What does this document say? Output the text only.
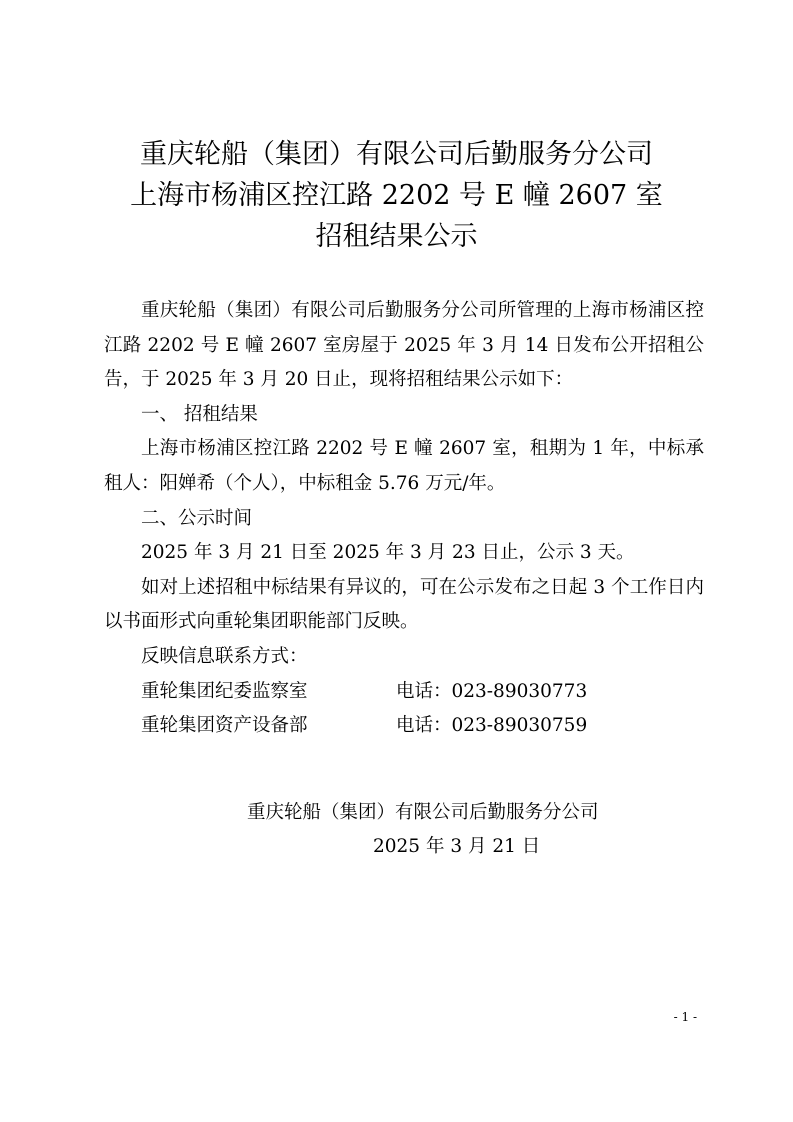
重庆轮船（集团）有限公司后勤服务分公司
上海市杨浦区控江路 2202 号 E 幢 2607 室
招租结果公示

重庆轮船（集团）有限公司后勤服务分公司所管理的上海市杨浦区控江路 2202 号 E 幢 2607 室房屋于 2025 年 3 月 14 日发布公开招租公告，于 2025 年 3 月 20 日止，现将招租结果公示如下：

一、 招租结果

上海市杨浦区控江路 2202 号 E 幢 2607 室，租期为 1 年，中标承租人：阳婵希（个人），中标租金 5.76 万元/年。

二、公示时间

2025 年 3 月 21 日至 2025 年 3 月 23 日止，公示 3 天。

如对上述招租中标结果有异议的，可在公示发布之日起 3 个工作日内以书面形式向重轮集团职能部门反映。

反映信息联系方式：

重轮集团纪委监察室	电话：023-89030773

重轮集团资产设备部	电话：023-89030759

重庆轮船（集团）有限公司后勤服务分公司
2025 年 3 月 21 日
- 1 -
